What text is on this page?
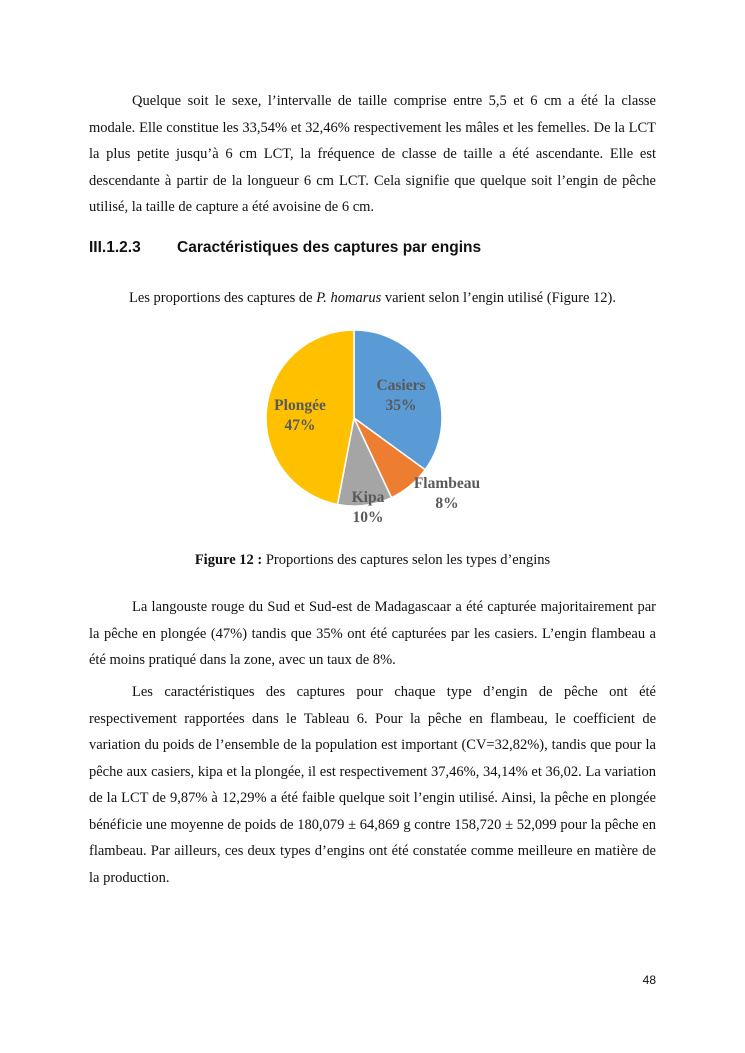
Quelque soit le sexe, l’intervalle de taille comprise entre 5,5 et 6 cm a été la classe modale. Elle constitue les 33,54% et 32,46% respectivement les mâles et les femelles. De la LCT la plus petite jusqu’à 6 cm LCT, la fréquence de classe de taille a été ascendante. Elle est descendante à partir de la longueur 6 cm LCT. Cela signifie que quelque soit l’engin de pêche utilisé, la taille de capture a été avoisine de 6 cm.

III.1.2.3 Caractéristiques des captures par engins

Les proportions des captures de P. homarus varient selon l’engin utilisé (Figure 12).

Casiers
35%
Flambeau
8%
Kipa
10%
Plongée
47%

Figure 12 : Proportions des captures selon les types d’engins

La langouste rouge du Sud et Sud-est de Madagascaar a été capturée majoritairement par la pêche en plongée (47%) tandis que 35% ont été capturées par les casiers. L’engin flambeau a été moins pratiqué dans la zone, avec un taux de 8%.

Les caractéristiques des captures pour chaque type d’engin de pêche ont été respectivement rapportées dans le Tableau 6. Pour la pêche en flambeau, le coefficient de variation du poids de l’ensemble de la population est important (CV=32,82%), tandis que pour la pêche aux casiers, kipa et la plongée, il est respectivement 37,46%, 34,14% et 36,02. La variation de la LCT de 9,87% à 12,29% a été faible quelque soit l’engin utilisé. Ainsi, la pêche en plongée bénéficie une moyenne de poids de 180,079 ± 64,869 g contre 158,720 ± 52,099 pour la pêche en flambeau. Par ailleurs, ces deux types d’engins ont été constatée comme meilleure en matière de la production.

48
